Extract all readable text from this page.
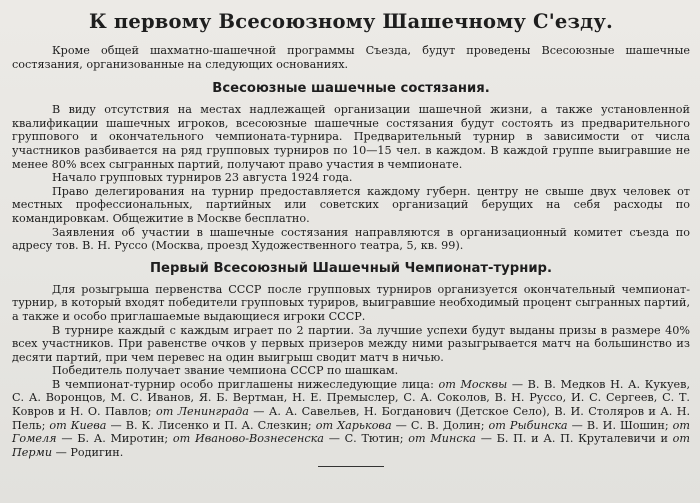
К первому Всесоюзному Шашечному С'езду.

Кроме общей шахматно-шашечной программы Съезда, будут проведены Всесоюзные шашечные состязания, организованные на следующих основаниях.

Всесоюзные шашечные состязания.

В виду отсутствия на местах надлежащей организации шашечной жизни, а также установленной квалификации шашечных игроков, всесоюзные шашечные состязания будут состоять из предварительного группового и окончательного чемпионата-турнира. Предварительный турнир в зависимости от числа участников разбивается на ряд групповых турниров по 10—15 чел. в каждом. В каждой группе выигравшие не менее 80% всех сыгранных партий, получают право участия в чемпионате.

Начало групповых турниров 23 августа 1924 года.

Право делегирования на турнир предоставляется каждому губерн. центру не свыше двух человек от местных профессиональных, партийных или советских организаций берущих на себя расходы по командировкам. Общежитие в Москве бесплатно.

Заявления об участии в шашечные состязания направляются в организационный комитет съезда по адресу тов. В. Н. Руссо (Москва, проезд Художественного театра, 5, кв. 99).

Первый Всесоюзный Шашечный Чемпионат-турнир.

Для розыгрыша первенства СССР после групповых турниров организуется окончательный чемпионат-турнир, в который входят победители групповых туриров, выигравшие необходимый процент сыгранных партий, а также и особо приглашаемые выдающиеся игроки СССР.

В турнире каждый с каждым играет по 2 партии. За лучшие успехи будут выданы призы в размере 40% всех участников. При равенстве очков у первых призеров между ними разыгрывается матч на большинство из десяти партий, при чем перевес на один выигрыш сводит матч в ничью.

Победитель получает звание чемпиона СССР по шашкам.

В чемпионат-турнир особо приглашены нижеследующие лица: от Москвы — В. В. Медков Н. А. Кукуев, С. А. Воронцов, М. С. Иванов, Я. Б. Вертман, Н. Е. Премыслер, С. А. Соколов, В. Н. Руссо, И. С. Сергеев, С. Т. Ковров и Н. О. Павлов; от Ленинграда — А. А. Савельев, Н. Богданович (Детское Село), В. И. Столяров и А. Н. Пель; от Киева — В. К. Лисенко и П. А. Слезкин; от Харькова — С. В. Долин; от Рыбинска — В. И. Шошин; от Гомеля — Б. А. Миротин; от Иваново-Вознесенска — С. Тютин; от Минска — Б. П. и А. П. Круталевичи и от Перми — Родигин.
